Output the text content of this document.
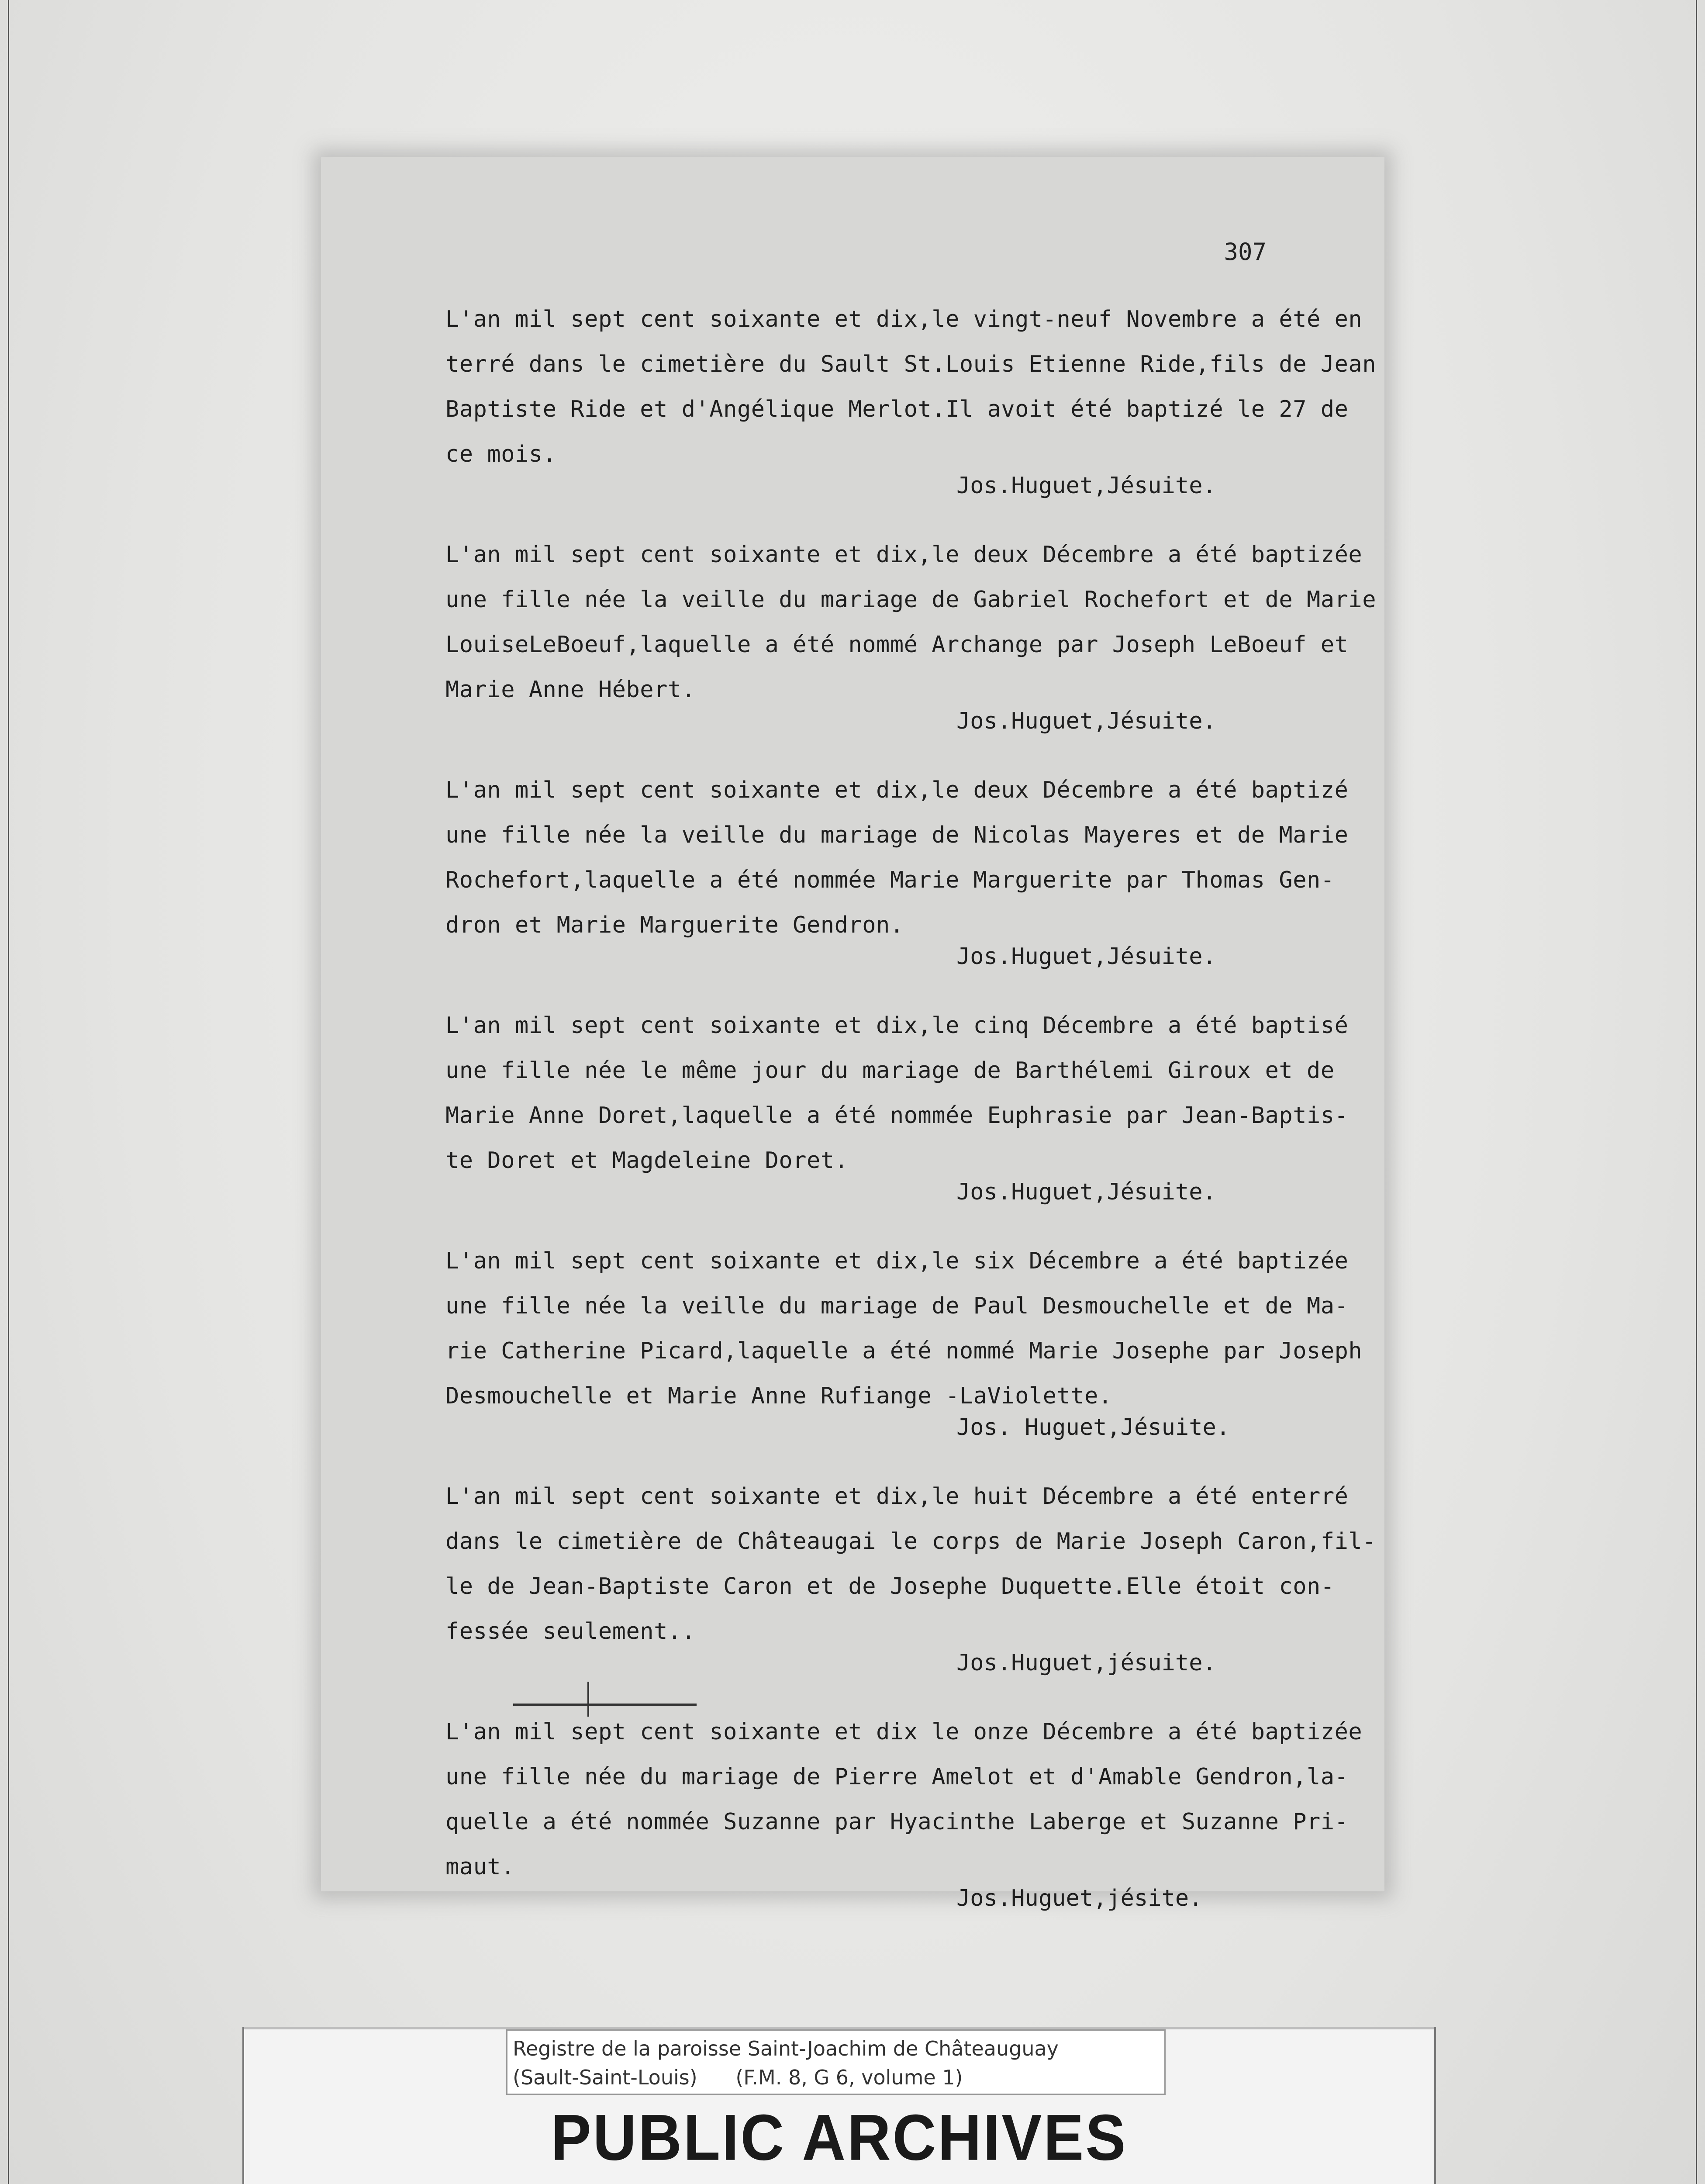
307
L'an mil sept cent soixante et dix,le vingt-neuf Novembre a été en
terré dans le cimetière du Sault St.Louis Etienne Ride,fils de Jean
Baptiste Ride et d'Angélique Merlot.Il avoit été baptizé le 27 de
ce mois.
Jos.Huguet,Jésuite.
L'an mil sept cent soixante et dix,le deux Décembre a été baptizée
une fille née la veille du mariage de Gabriel Rochefort et de Marie
LouiseLeBoeuf,laquelle a été nommé Archange par Joseph LeBoeuf et
Marie Anne Hébert.
Jos.Huguet,Jésuite.
L'an mil sept cent soixante et dix,le deux Décembre a été baptizé
une fille née la veille du mariage de Nicolas Mayeres et de Marie
Rochefort,laquelle a été nommée Marie Marguerite par Thomas Gen-
dron et Marie Marguerite Gendron.
Jos.Huguet,Jésuite.
L'an mil sept cent soixante et dix,le cinq Décembre a été baptisé
une fille née le même jour du mariage de Barthélemi Giroux et de
Marie Anne Doret,laquelle a été nommée Euphrasie par Jean-Baptis-
te Doret et Magdeleine Doret.
Jos.Huguet,Jésuite.
L'an mil sept cent soixante et dix,le six Décembre a été baptizée
une fille née la veille du mariage de Paul Desmouchelle et de Ma-
rie Catherine Picard,laquelle a été nommé Marie Josephe par Joseph
Desmouchelle et Marie Anne Rufiange -LaViolette.
Jos. Huguet,Jésuite.
L'an mil sept cent soixante et dix,le huit Décembre a été enterré
dans le cimetière de Châteaugai le corps de Marie Joseph Caron,fil-
le de Jean-Baptiste Caron et de Josephe Duquette.Elle étoit con-
fessée seulement..
Jos.Huguet,jésuite.
L'an mil sept cent soixante et dix le onze Décembre a été baptizée
une fille née du mariage de Pierre Amelot et d'Amable Gendron,la-
quelle a été nommée Suzanne par Hyacinthe Laberge et Suzanne Pri-
maut.
Jos.Huguet,jésite.
Registre de la paroisse Saint-Joachim de Châteauguay
(Sault-Saint-Louis)      (F.M. 8, G 6, volume 1)
PUBLIC ARCHIVES
